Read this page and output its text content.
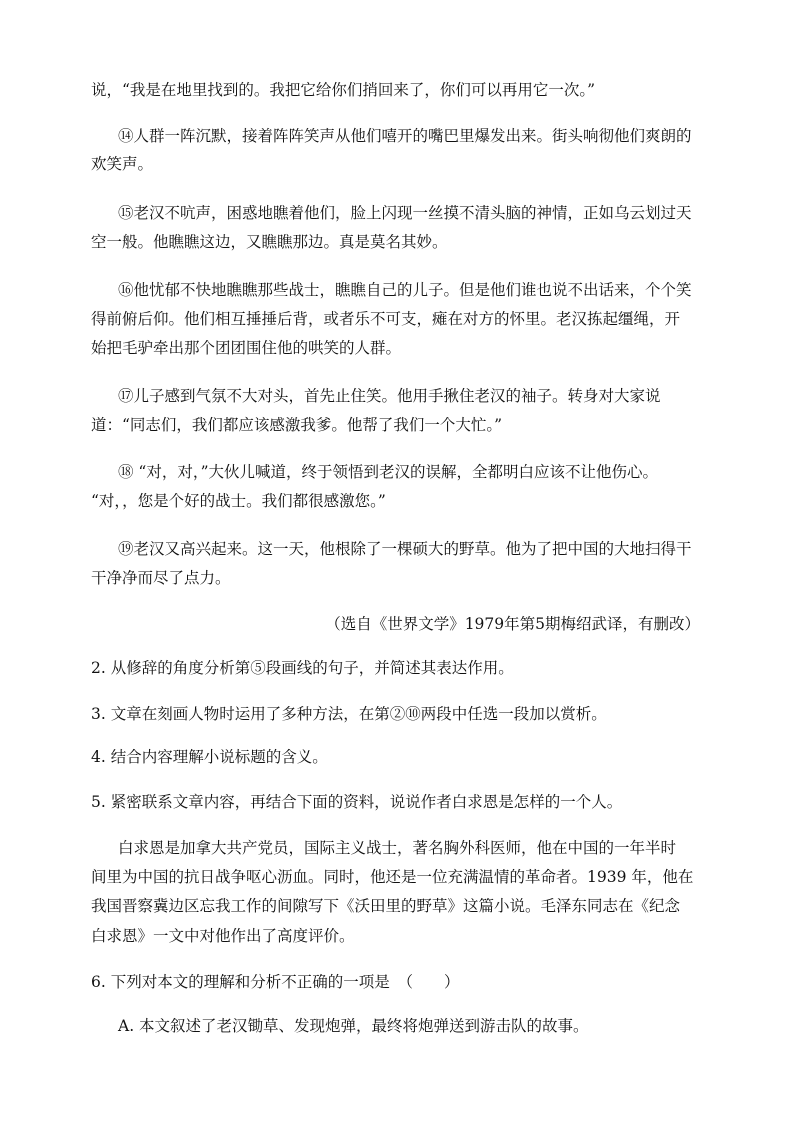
说，“我是在地里找到的。我把它给你们捎回来了，你们可以再用它一次。”
⑭人群一阵沉默，接着阵阵笑声从他们嘻开的嘴巴里爆发出来。街头响彻他们爽朗的
欢笑声。
⑮老汉不吭声，困惑地瞧着他们，脸上闪现一丝摸不清头脑的神情，正如乌云划过天
空一般。他瞧瞧这边，又瞧瞧那边。真是莫名其妙。
⑯他忧郁不快地瞧瞧那些战士，瞧瞧自己的儿子。但是他们谁也说不出话来，个个笑
得前俯后仰。他们相互捶捶后背，或者乐不可支，瘫在对方的怀里。老汉拣起缰绳，开
始把毛驴牵出那个团团围住他的哄笑的人群。
⑰儿子感到气氛不大对头，首先止住笑。他用手揪住老汉的袖子。转身对大家说
道：“同志们，我们都应该感激我爹。他帮了我们一个大忙。”
⑱ “对，对，”大伙儿喊道，终于领悟到老汉的误解，全都明白应该不让他伤心。
“对，，您是个好的战士。我们都很感激您。”
⑲老汉又高兴起来。这一天，他根除了一棵硕大的野草。他为了把中国的大地扫得干
干净净而尽了点力。
（选自《世界文学》1979年第5期梅绍武译，有删改）
2. 从修辞的角度分析第⑤段画线的句子，并简述其表达作用。
3. 文章在刻画人物时运用了多种方法，在第②⑩两段中任选一段加以赏析。
4. 结合内容理解小说标题的含义。
5. 紧密联系文章内容，再结合下面的资料，说说作者白求恩是怎样的一个人。
白求恩是加拿大共产党员，国际主义战士，著名胸外科医师，他在中国的一年半时
间里为中国的抗日战争呕心沥血。同时，他还是一位充满温情的革命者。1939 年，他在
我国晋察冀边区忘我工作的间隙写下《沃田里的野草》这篇小说。毛泽东同志在《纪念
白求恩》一文中对他作出了高度评价。
6. 下列对本文的理解和分析不正确的一项是　（　　）
A. 本文叙述了老汉锄草、发现炮弹，最终将炮弹送到游击队的故事。
